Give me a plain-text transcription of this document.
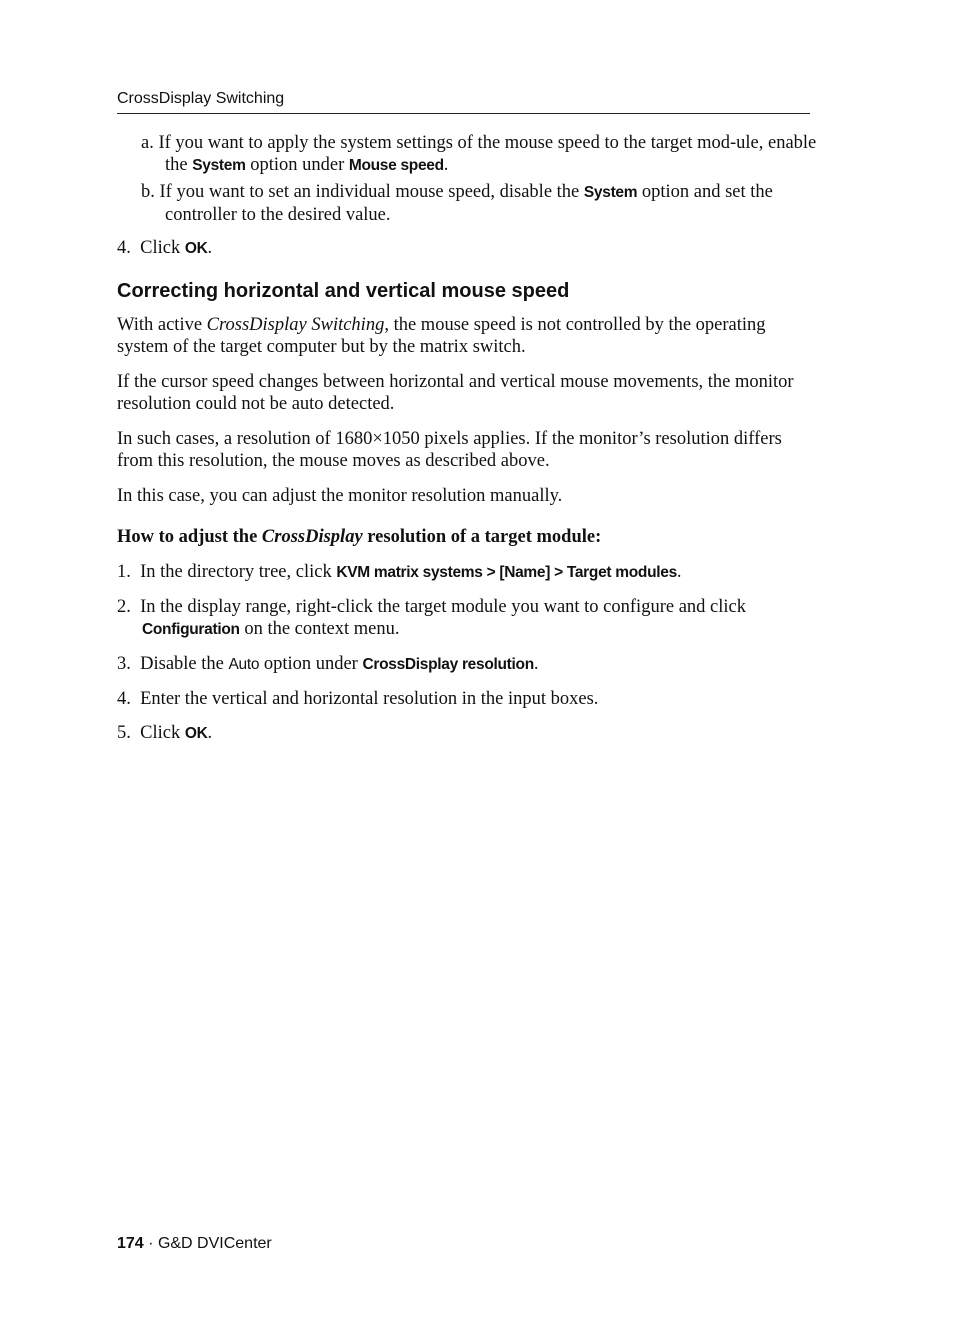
CrossDisplay Switching

a. If you want to apply the system settings of the mouse speed to the target mod-ule, enable the System option under Mouse speed.

b. If you want to set an individual mouse speed, disable the System option and set the controller to the desired value.

4. Click OK.

Correcting horizontal and vertical mouse speed

With active CrossDisplay Switching, the mouse speed is not controlled by the operating system of the target computer but by the matrix switch.

If the cursor speed changes between horizontal and vertical mouse movements, the monitor resolution could not be auto detected.

In such cases, a resolution of 1680×1050 pixels applies. If the monitor’s resolution differs from this resolution, the mouse moves as described above.

In this case, you can adjust the monitor resolution manually.

How to adjust the CrossDisplay resolution of a target module:

1. In the directory tree, click KVM matrix systems > [Name] > Target modules.

2. In the display range, right-click the target module you want to configure and click Configuration on the context menu.

3. Disable the Auto option under CrossDisplay resolution.

4. Enter the vertical and horizontal resolution in the input boxes.

5. Click OK.

174 · G&D DVICenter
